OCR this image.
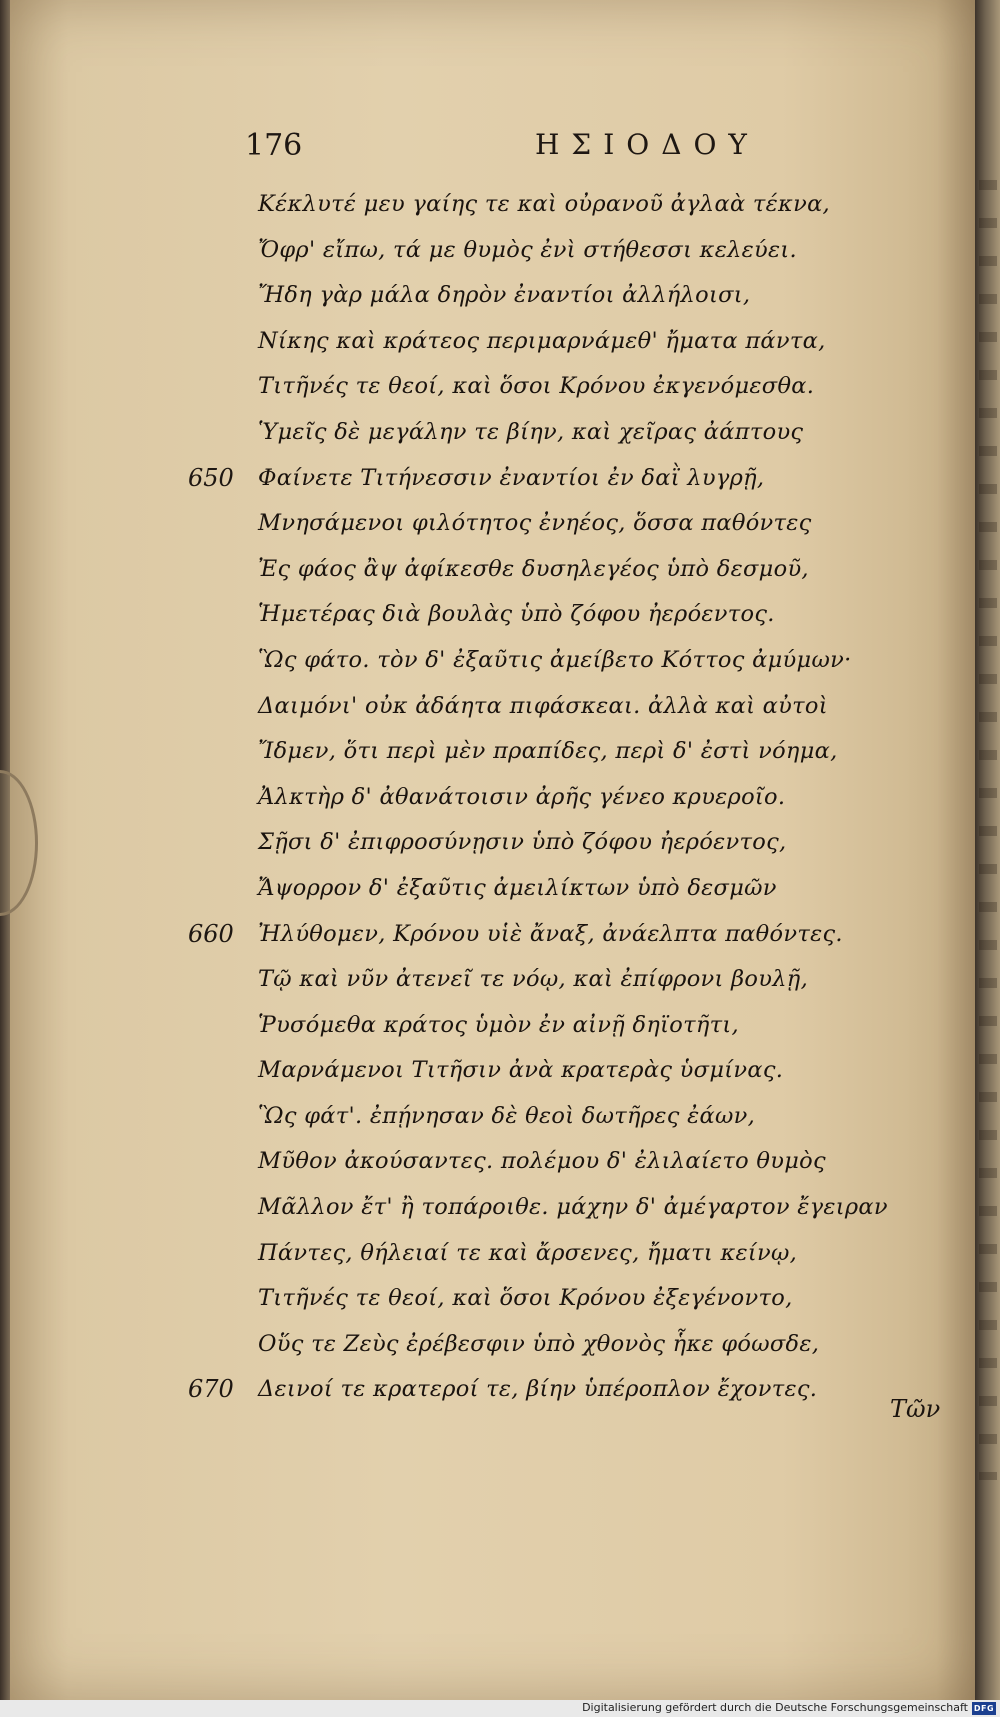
176	ΗΣΙΟΔΟΥ
Κέκλυτέ μευ γαίης τε καὶ οὐρανοῦ ἀγλαὰ τέκνα,
Ὄφρ' εἴπω, τά με θυμὸς ἐνὶ στήθεσσι κελεύει.
Ἤδη γὰρ μάλα δηρὸν ἐναντίοι ἀλλήλοισι,
Νίκης καὶ κράτεος περιμαρνάμεθ' ἤματα πάντα,
Τιτῆνές τε θεοί, καὶ ὅσοι Κρόνου ἐκγενόμεσθα.
Ὑμεῖς δὲ μεγάλην τε βίην, καὶ χεῖρας ἀάπτους
650	Φαίνετε Τιτήνεσσιν ἐναντίοι ἐν δαῒ λυγρῇ,
Μνησάμενοι φιλότητος ἐνηέος, ὅσσα παθόντες
Ἐς φάος ἂψ ἀφίκεσθε δυσηλεγέος ὑπὸ δεσμοῦ,
Ἡμετέρας διὰ βουλὰς ὑπὸ ζόφου ἠερόεντος.
Ὣς φάτο. τὸν δ' ἐξαῦτις ἀμείβετο Κόττος ἀμύμων·
Δαιμόνι' οὐκ ἀδάητα πιφάσκεαι. ἀλλὰ καὶ αὐτοὶ
Ἴδμεν, ὅτι περὶ μὲν πραπίδες, περὶ δ' ἐστὶ νόημα,
Ἀλκτὴρ δ' ἀθανάτοισιν ἀρῆς γένεο κρυεροῖο.
Σῇσι δ' ἐπιφροσύνῃσιν ὑπὸ ζόφου ἠερόεντος,
Ἄψορρον δ' ἐξαῦτις ἀμειλίκτων ὑπὸ δεσμῶν
660	Ἠλύθομεν, Κρόνου υἱὲ ἄναξ, ἀνάελπτα παθόντες.
Τῷ καὶ νῦν ἀτενεῖ τε νόῳ, καὶ ἐπίφρονι βουλῇ,
Ῥυσόμεθα κράτος ὑμὸν ἐν αἰνῇ δηϊοτῆτι,
Μαρνάμενοι Τιτῆσιν ἀνὰ κρατερὰς ὑσμίνας.
Ὣς φάτ'. ἐπῄνησαν δὲ θεοὶ δωτῆρες ἐάων,
Μῦθον ἀκούσαντες. πολέμου δ' ἐλιλαίετο θυμὸς
Μᾶλλον ἔτ' ἢ τοπάροιθε. μάχην δ' ἀμέγαρτον ἔγειραν
Πάντες, θήλειαί τε καὶ ἄρσενες, ἤματι κείνῳ,
Τιτῆνές τε θεοί, καὶ ὅσοι Κρόνου ἐξεγένοντο,
Οὕς τε Ζεὺς ἐρέβεσφιν ὑπὸ χθονὸς ἧκε φόωσδε,
670	Δεινοί τε κρατεροί τε, βίην ὑπέροπλον ἔχοντες.
Τῶν
Digitalisierung gefördert durch die Deutsche Forschungsgemeinschaft DFG
